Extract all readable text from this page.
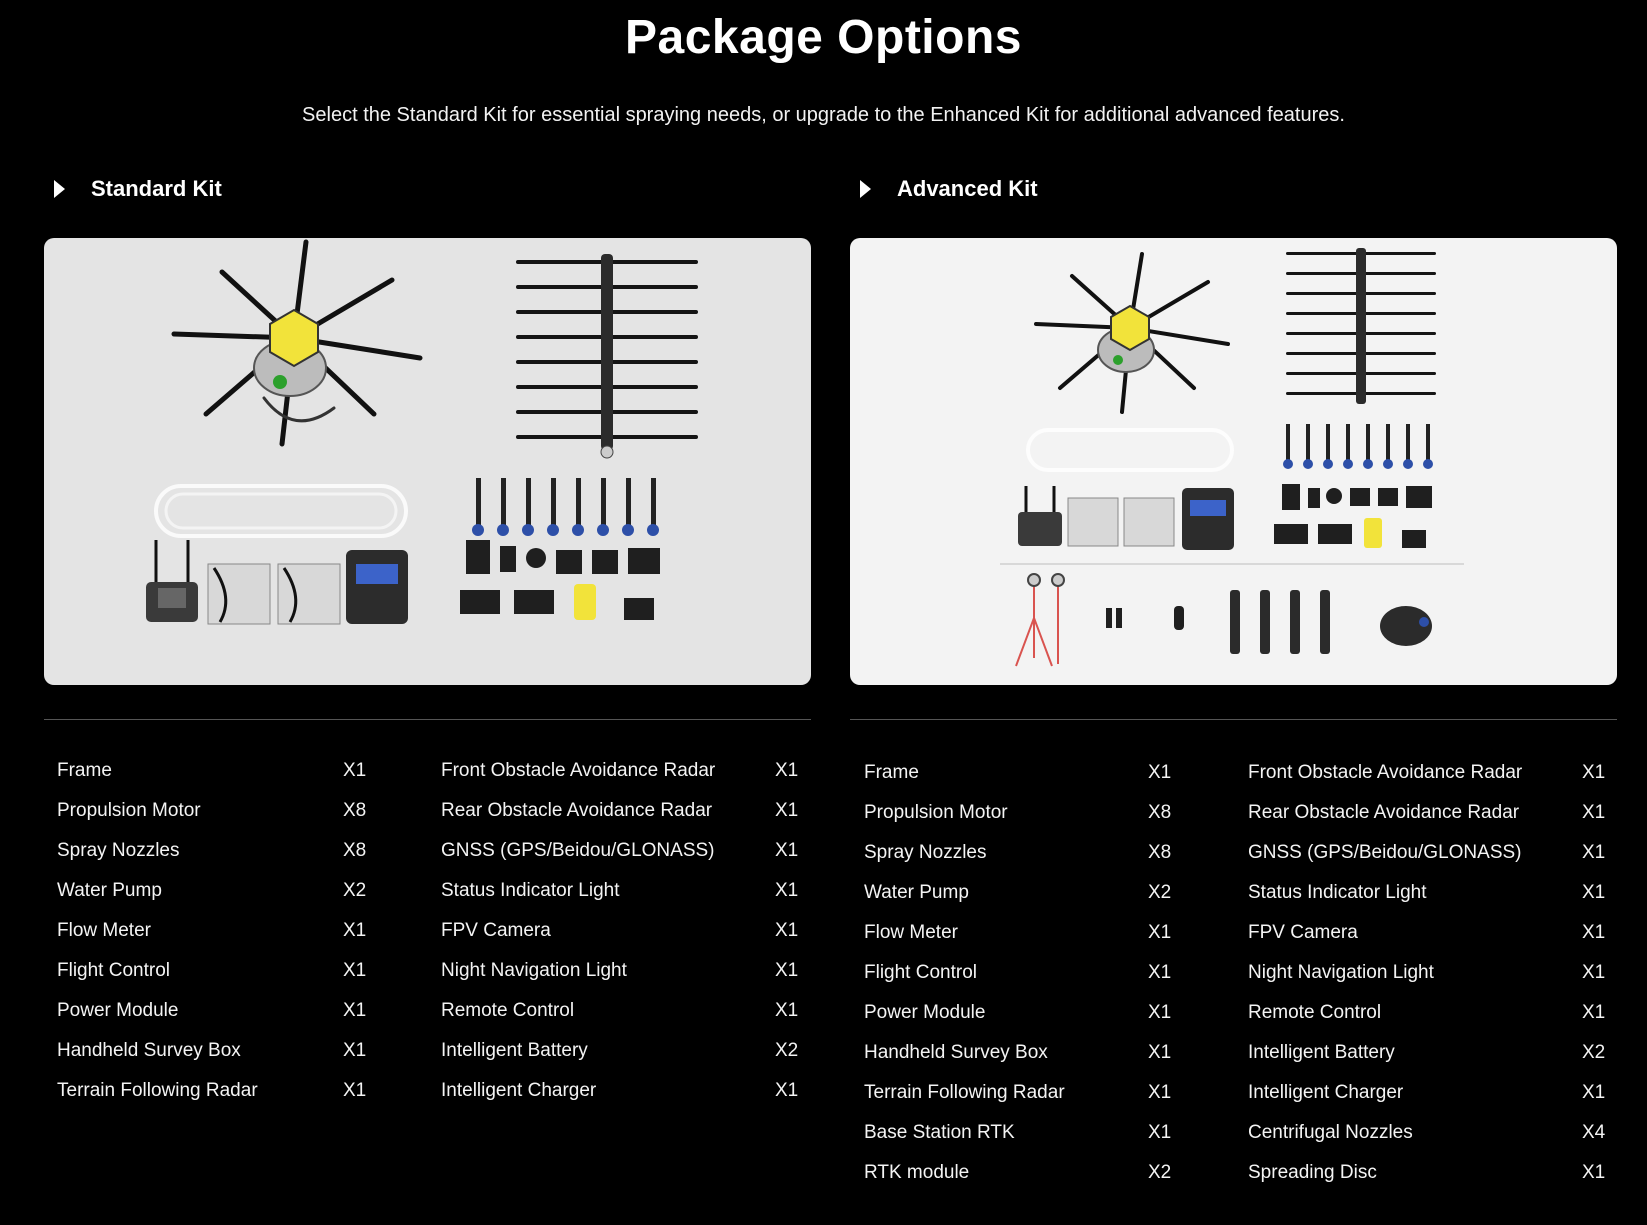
Package Options

Select the Standard Kit for essential spraying needs, or upgrade to the Enhanced Kit for additional advanced features.

Standard Kit	Advanced Kit
Frame	X1
Propulsion Motor	X8
Spray Nozzles	X8
Water Pump	X2
Flow Meter	X1
Flight Control	X1
Power Module	X1
Handheld Survey Box	X1
Terrain Following Radar	X1
Front Obstacle Avoidance Radar	X1
Rear Obstacle Avoidance Radar	X1
GNSS (GPS/Beidou/GLONASS)	X1
Status Indicator Light	X1
FPV Camera	X1
Night Navigation Light	X1
Remote Control	X1
Intelligent Battery	X2
Intelligent Charger	X1
Frame	X1
Propulsion Motor	X8
Spray Nozzles	X8
Water Pump	X2
Flow Meter	X1
Flight Control	X1
Power Module	X1
Handheld Survey Box	X1
Terrain Following Radar	X1
Base Station RTK	X1
RTK module	X2
Front Obstacle Avoidance Radar	X1
Rear Obstacle Avoidance Radar	X1
GNSS (GPS/Beidou/GLONASS)	X1
Status Indicator Light	X1
FPV Camera	X1
Night Navigation Light	X1
Remote Control	X1
Intelligent Battery	X2
Intelligent Charger	X1
Centrifugal Nozzles	X4
Spreading Disc	X1
